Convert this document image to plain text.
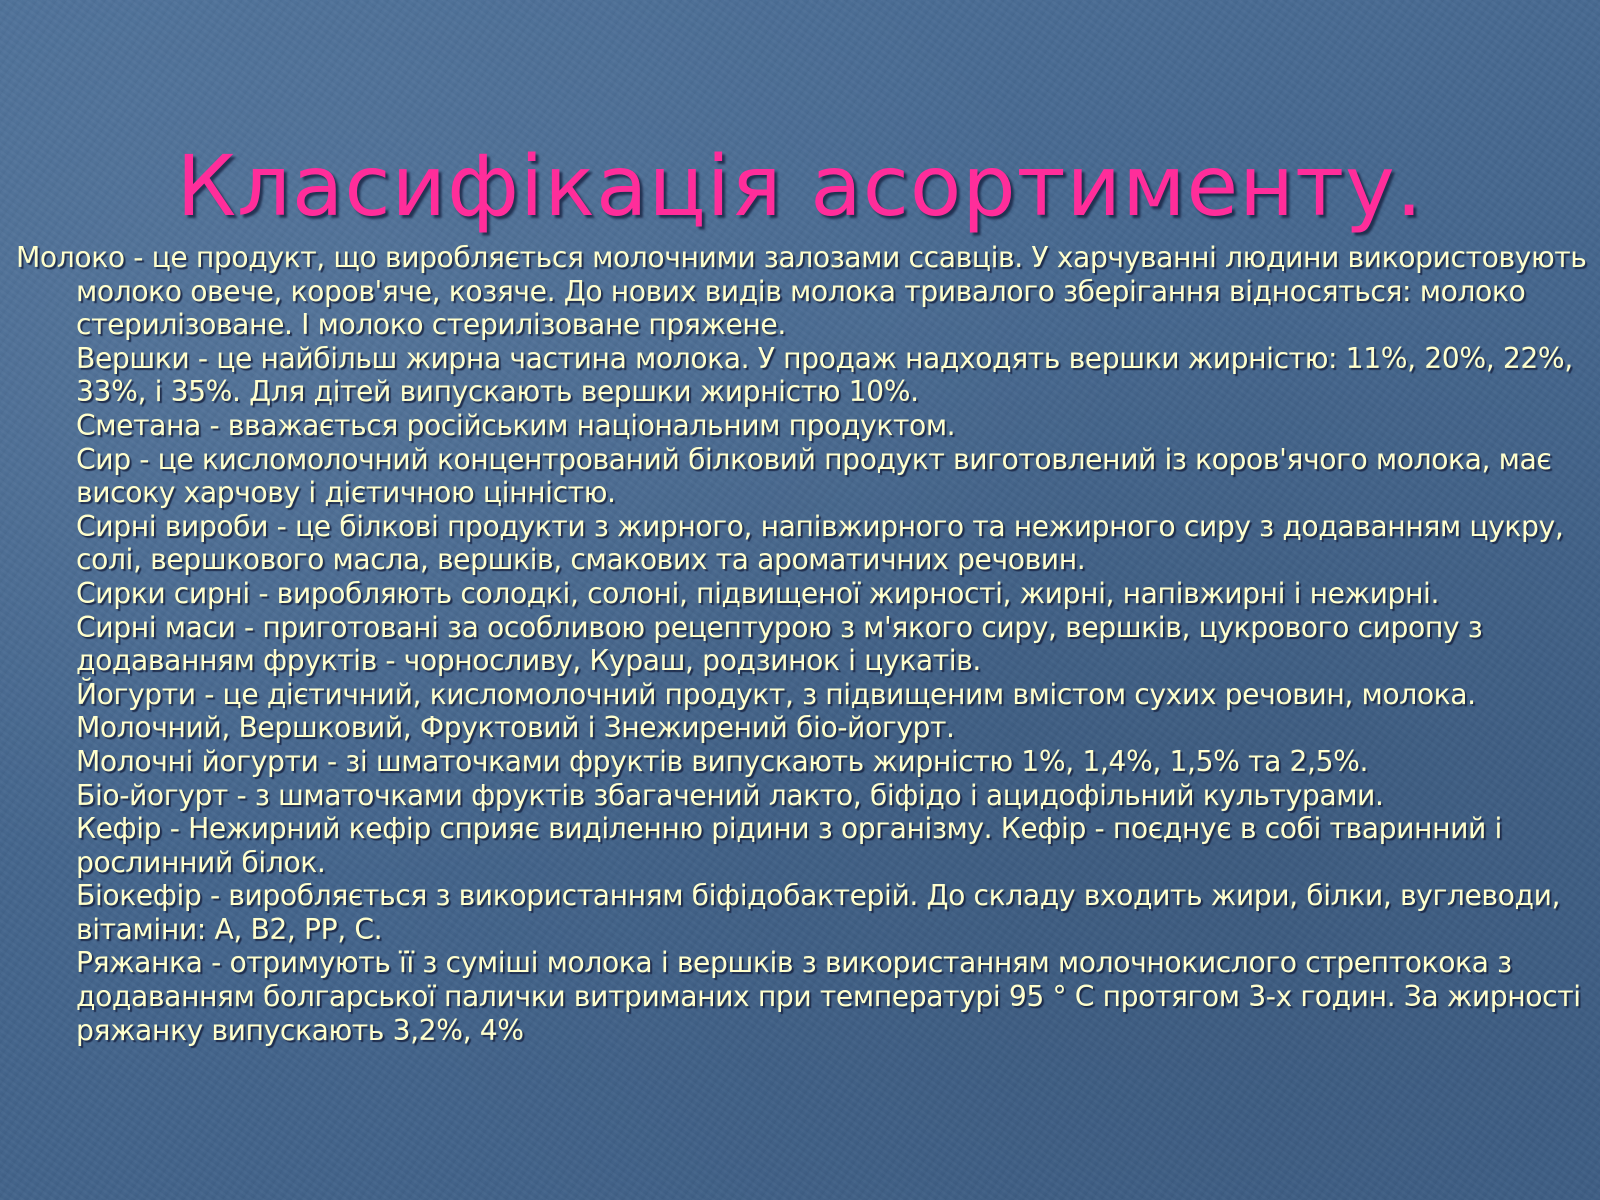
Класифікація асортименту.
Молоко - це продукт, що виробляється молочними залозами ссавців. У харчуванні людини використовують молоко овече, коров'яче, козяче. До нових видів молока тривалого зберігання відносяться: молоко стерилізоване. І молоко стерилізоване пряжене.
Вершки - це найбільш жирна частина молока. У продаж надходять вершки жирністю: 11%, 20%, 22%, 33%, і 35%. Для дітей випускають вершки жирністю 10%.
Сметана - вважається російським національним продуктом.
Сир - це кисломолочний концентрований білковий продукт виготовлений із коров'ячого молока, має високу харчову і дієтичною цінністю.
Сирні вироби - це білкові продукти з жирного, напівжирного та нежирного сиру з додаванням цукру, солі, вершкового масла, вершків, смакових та ароматичних речовин.
Сирки сирні - виробляють солодкі, солоні, підвищеної жирності, жирні, напівжирні і нежирні.
Сирні маси - приготовані за особливою рецептурою з м'якого сиру, вершків, цукрового сиропу з додаванням фруктів - чорносливу, Кураш, родзинок і цукатів.
Йогурти - це дієтичний, кисломолочний продукт, з підвищеним вмістом сухих речовин, молока. Молочний, Вершковий, Фруктовий і Знежирений біо-йогурт.
Молочні йогурти - зі шматочками фруктів випускають жирністю 1%, 1,4%, 1,5% та 2,5%.
Біо-йогурт - з шматочками фруктів збагачений лакто, біфідо і ацидофільний культурами.
Кефір - Нежирний кефір сприяє виділенню рідини з організму. Кефір - поєднує в собі тваринний і рослинний білок.
Біокефір - виробляється з використанням біфідобактерій. До складу входить жири, білки, вуглеводи, вітаміни: A, B2, PP, C.
Ряжанка - отримують її з суміші молока і вершків з використанням молочнокислого стрептокока з додаванням болгарської палички витриманих при температурі 95 ° С протягом 3-х годин. За жирності ряжанку випускають 3,2%, 4%
